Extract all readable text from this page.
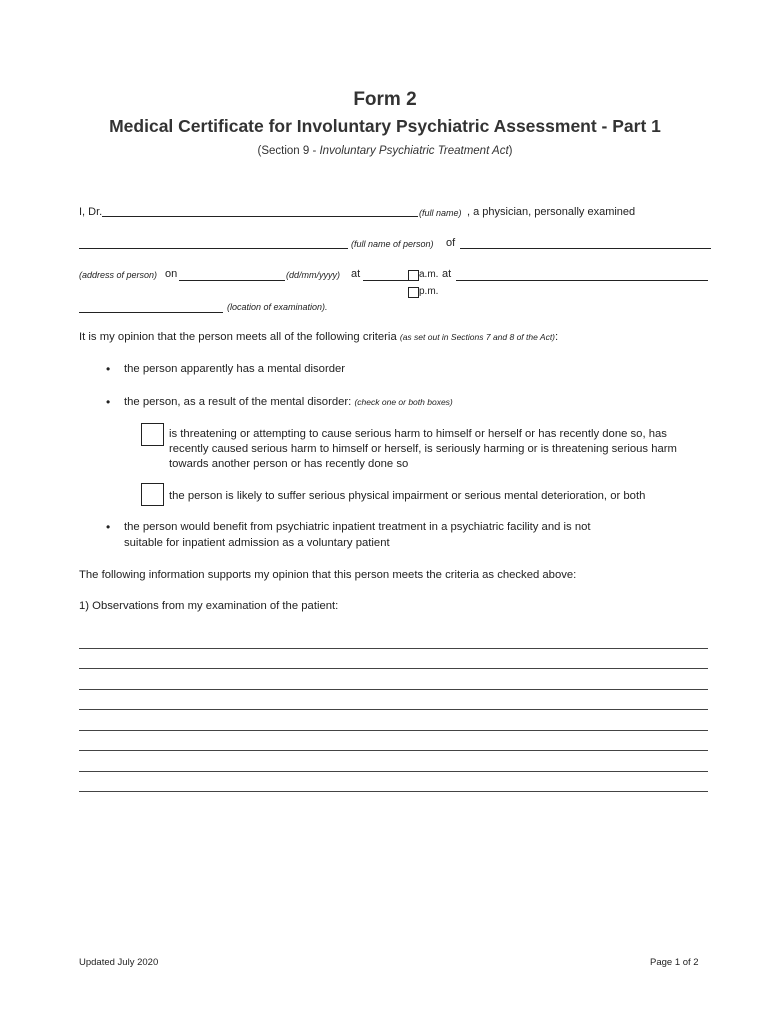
Form 2
Medical Certificate for Involuntary Psychiatric Assessment - Part 1
(Section 9 - Involuntary Psychiatric Treatment Act)
I, Dr.	(full name) , a physician, personally examined
(full name of person) of
(address of person) on	(dd/mm/yyyy) at	a.m. at
p.m.
(location of examination).
It is my opinion that the person meets all of the following criteria (as set out in Sections 7 and 8 of the Act):
• the person apparently has a mental disorder
• the person, as a result of the mental disorder: (check one or both boxes)
is threatening or attempting to cause serious harm to himself or herself or has recently done so, has
recently caused serious harm to himself or herself, is seriously harming or is threatening serious harm
towards another person or has recently done so
the person is likely to suffer serious physical impairment or serious mental deterioration, or both
• the person would benefit from psychiatric inpatient treatment in a psychiatric facility and is not
suitable for inpatient admission as a voluntary patient
The following information supports my opinion that this person meets the criteria as checked above:
1) Observations from my examination of the patient:
Updated July 2020	Page 1 of 2
